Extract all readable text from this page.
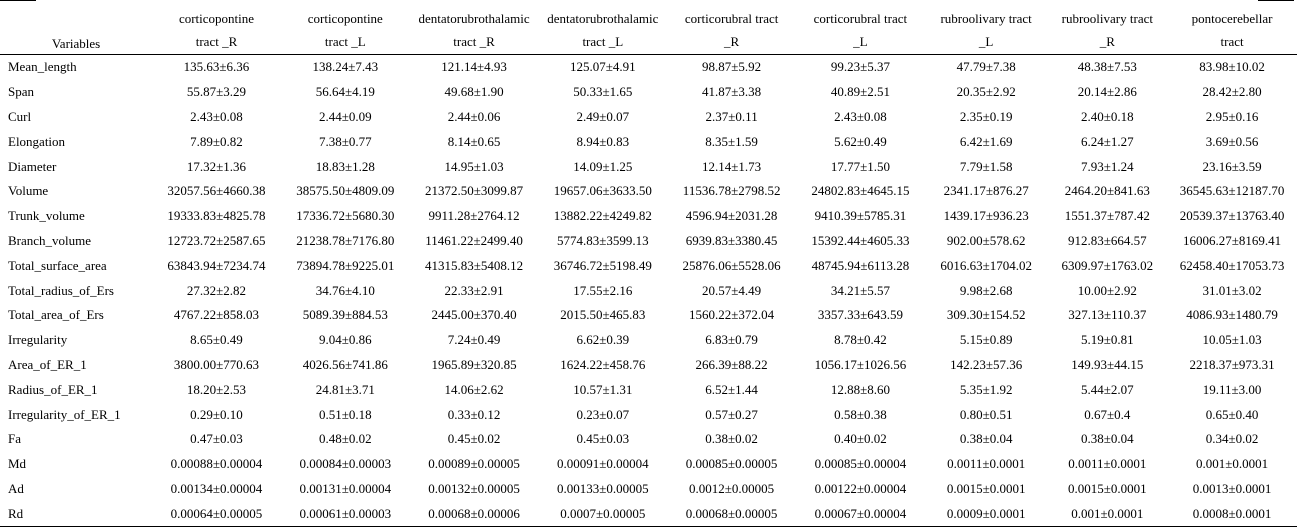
Variables	corticopontine	corticopontine	dentatorubrothalamic	dentatorubrothalamic	corticorubral tract	corticorubral tract	rubroolivary tract	rubroolivary tract	pontocerebellar
	tract _R	tract _L	tract _R	tract _L	_R	_L	_L	_R	tract
Mean_length	135.63±6.36	138.24±7.43	121.14±4.93	125.07±4.91	98.87±5.92	99.23±5.37	47.79±7.38	48.38±7.53	83.98±10.02
Span	55.87±3.29	56.64±4.19	49.68±1.90	50.33±1.65	41.87±3.38	40.89±2.51	20.35±2.92	20.14±2.86	28.42±2.80
Curl	2.43±0.08	2.44±0.09	2.44±0.06	2.49±0.07	2.37±0.11	2.43±0.08	2.35±0.19	2.40±0.18	2.95±0.16
Elongation	7.89±0.82	7.38±0.77	8.14±0.65	8.94±0.83	8.35±1.59	5.62±0.49	6.42±1.69	6.24±1.27	3.69±0.56
Diameter	17.32±1.36	18.83±1.28	14.95±1.03	14.09±1.25	12.14±1.73	17.77±1.50	7.79±1.58	7.93±1.24	23.16±3.59
Volume	32057.56±4660.38	38575.50±4809.09	21372.50±3099.87	19657.06±3633.50	11536.78±2798.52	24802.83±4645.15	2341.17±876.27	2464.20±841.63	36545.63±12187.70
Trunk_volume	19333.83±4825.78	17336.72±5680.30	9911.28±2764.12	13882.22±4249.82	4596.94±2031.28	9410.39±5785.31	1439.17±936.23	1551.37±787.42	20539.37±13763.40
Branch_volume	12723.72±2587.65	21238.78±7176.80	11461.22±2499.40	5774.83±3599.13	6939.83±3380.45	15392.44±4605.33	902.00±578.62	912.83±664.57	16006.27±8169.41
Total_surface_area	63843.94±7234.74	73894.78±9225.01	41315.83±5408.12	36746.72±5198.49	25876.06±5528.06	48745.94±6113.28	6016.63±1704.02	6309.97±1763.02	62458.40±17053.73
Total_radius_of_Ers	27.32±2.82	34.76±4.10	22.33±2.91	17.55±2.16	20.57±4.49	34.21±5.57	9.98±2.68	10.00±2.92	31.01±3.02
Total_area_of_Ers	4767.22±858.03	5089.39±884.53	2445.00±370.40	2015.50±465.83	1560.22±372.04	3357.33±643.59	309.30±154.52	327.13±110.37	4086.93±1480.79
Irregularity	8.65±0.49	9.04±0.86	7.24±0.49	6.62±0.39	6.83±0.79	8.78±0.42	5.15±0.89	5.19±0.81	10.05±1.03
Area_of_ER_1	3800.00±770.63	4026.56±741.86	1965.89±320.85	1624.22±458.76	266.39±88.22	1056.17±1026.56	142.23±57.36	149.93±44.15	2218.37±973.31
Radius_of_ER_1	18.20±2.53	24.81±3.71	14.06±2.62	10.57±1.31	6.52±1.44	12.88±8.60	5.35±1.92	5.44±2.07	19.11±3.00
Irregularity_of_ER_1	0.29±0.10	0.51±0.18	0.33±0.12	0.23±0.07	0.57±0.27	0.58±0.38	0.80±0.51	0.67±0.4	0.65±0.40
Fa	0.47±0.03	0.48±0.02	0.45±0.02	0.45±0.03	0.38±0.02	0.40±0.02	0.38±0.04	0.38±0.04	0.34±0.02
Md	0.00088±0.00004	0.00084±0.00003	0.00089±0.00005	0.00091±0.00004	0.00085±0.00005	0.00085±0.00004	0.0011±0.0001	0.0011±0.0001	0.001±0.0001
Ad	0.00134±0.00004	0.00131±0.00004	0.00132±0.00005	0.00133±0.00005	0.0012±0.00005	0.00122±0.00004	0.0015±0.0001	0.0015±0.0001	0.0013±0.0001
Rd	0.00064±0.00005	0.00061±0.00003	0.00068±0.00006	0.0007±0.00005	0.00068±0.00005	0.00067±0.00004	0.0009±0.0001	0.001±0.0001	0.0008±0.0001
